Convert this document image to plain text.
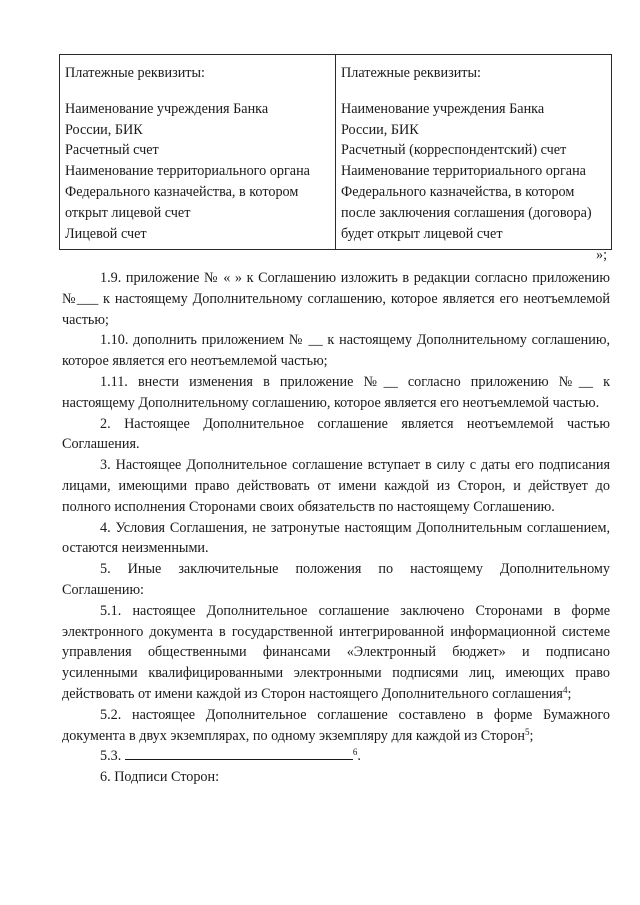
Платежные реквизиты:
Наименование учреждения Банка
России, БИК
Расчетный счет
Наименование территориального органа
Федерального казначейства, в котором
открыт лицевой счет
Лицевой счет

Платежные реквизиты:
Наименование учреждения Банка
России, БИК
Расчетный (корреспондентский) счет
Наименование территориального органа
Федерального казначейства, в котором
после заключения соглашения (договора)
будет открыт лицевой счет
»;

1.9. приложение № « » к Соглашению изложить в редакции согласно приложению №___ к настоящему Дополнительному соглашению, которое является его неотъемлемой частью;

1.10. дополнить приложением № __ к настоящему Дополнительному соглашению, которое является его неотъемлемой частью;

1.11. внести изменения в приложение №__ согласно приложению №__ к настоящему Дополнительному соглашению, которое является его неотъемлемой частью.

2. Настоящее Дополнительное соглашение является неотъемлемой частью Соглашения.

3. Настоящее Дополнительное соглашение вступает в силу с даты его подписания лицами, имеющими право действовать от имени каждой из Сторон, и действует до полного исполнения Сторонами своих обязательств по настоящему Соглашению.

4. Условия Соглашения, не затронутые настоящим Дополнительным соглашением, остаются неизменными.

5. Иные заключительные положения по настоящему Дополнительному Соглашению:

5.1. настоящее Дополнительное соглашение заключено Сторонами в форме электронного документа в государственной интегрированной информационной системе управления общественными финансами «Электронный бюджет» и подписано усиленными квалифицированными электронными подписями лиц, имеющих право действовать от имени каждой из Сторон настоящего Дополнительного соглашения$^4$;

5.2. настоящее Дополнительное соглашение составлено в форме Бумажного документа в двух экземплярах, по одному экземпляру для каждой из Сторон$^5$;

5.3.	$^6$.

6. Подписи Сторон:
